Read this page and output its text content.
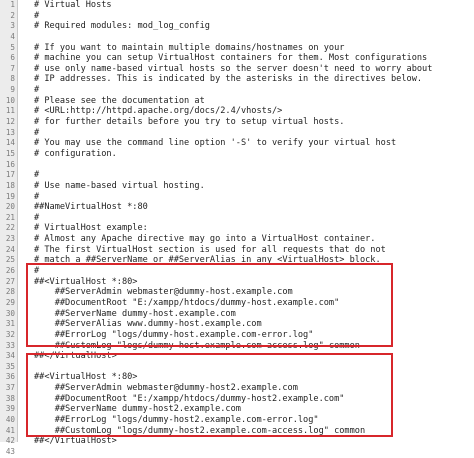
1 # Virtual Hosts
2 #
3 # Required modules: mod_log_config
4
5 # If you want to maintain multiple domains/hostnames on your
6 # machine you can setup VirtualHost containers for them. Most configurations
7 # use only name-based virtual hosts so the server doesn't need to worry about
8 # IP addresses. This is indicated by the asterisks in the directives below.
9 #
10 # Please see the documentation at
11 # <URL:http://httpd.apache.org/docs/2.4/vhosts/>
12 # for further details before you try to setup virtual hosts.
13 #
14 # You may use the command line option '-S' to verify your virtual host
15 # configuration.
16
17 #
18 # Use name-based virtual hosting.
19 #
20 ##NameVirtualHost *:80
21 #
22 # VirtualHost example:
23 # Almost any Apache directive may go into a VirtualHost container.
24 # The first VirtualHost section is used for all requests that do not
25 # match a ##ServerName or ##ServerAlias in any <VirtualHost> block.
26 #
27 ##<VirtualHost *:80>
28 ##ServerAdmin webmaster@dummy-host.example.com
29 ##DocumentRoot "E:/xampp/htdocs/dummy-host.example.com"
30 ##ServerName dummy-host.example.com
31 ##ServerAlias www.dummy-host.example.com
32 ##ErrorLog "logs/dummy-host.example.com-error.log"
33 ##CustomLog "logs/dummy-host.example.com-access.log" common
34 ##</VirtualHost>
35
36 ##<VirtualHost *:80>
37 ##ServerAdmin webmaster@dummy-host2.example.com
38 ##DocumentRoot "E:/xampp/htdocs/dummy-host2.example.com"
39 ##ServerName dummy-host2.example.com
40 ##ErrorLog "logs/dummy-host2.example.com-error.log"
41 ##CustomLog "logs/dummy-host2.example.com-access.log" common
42 ##</VirtualHost>
43
